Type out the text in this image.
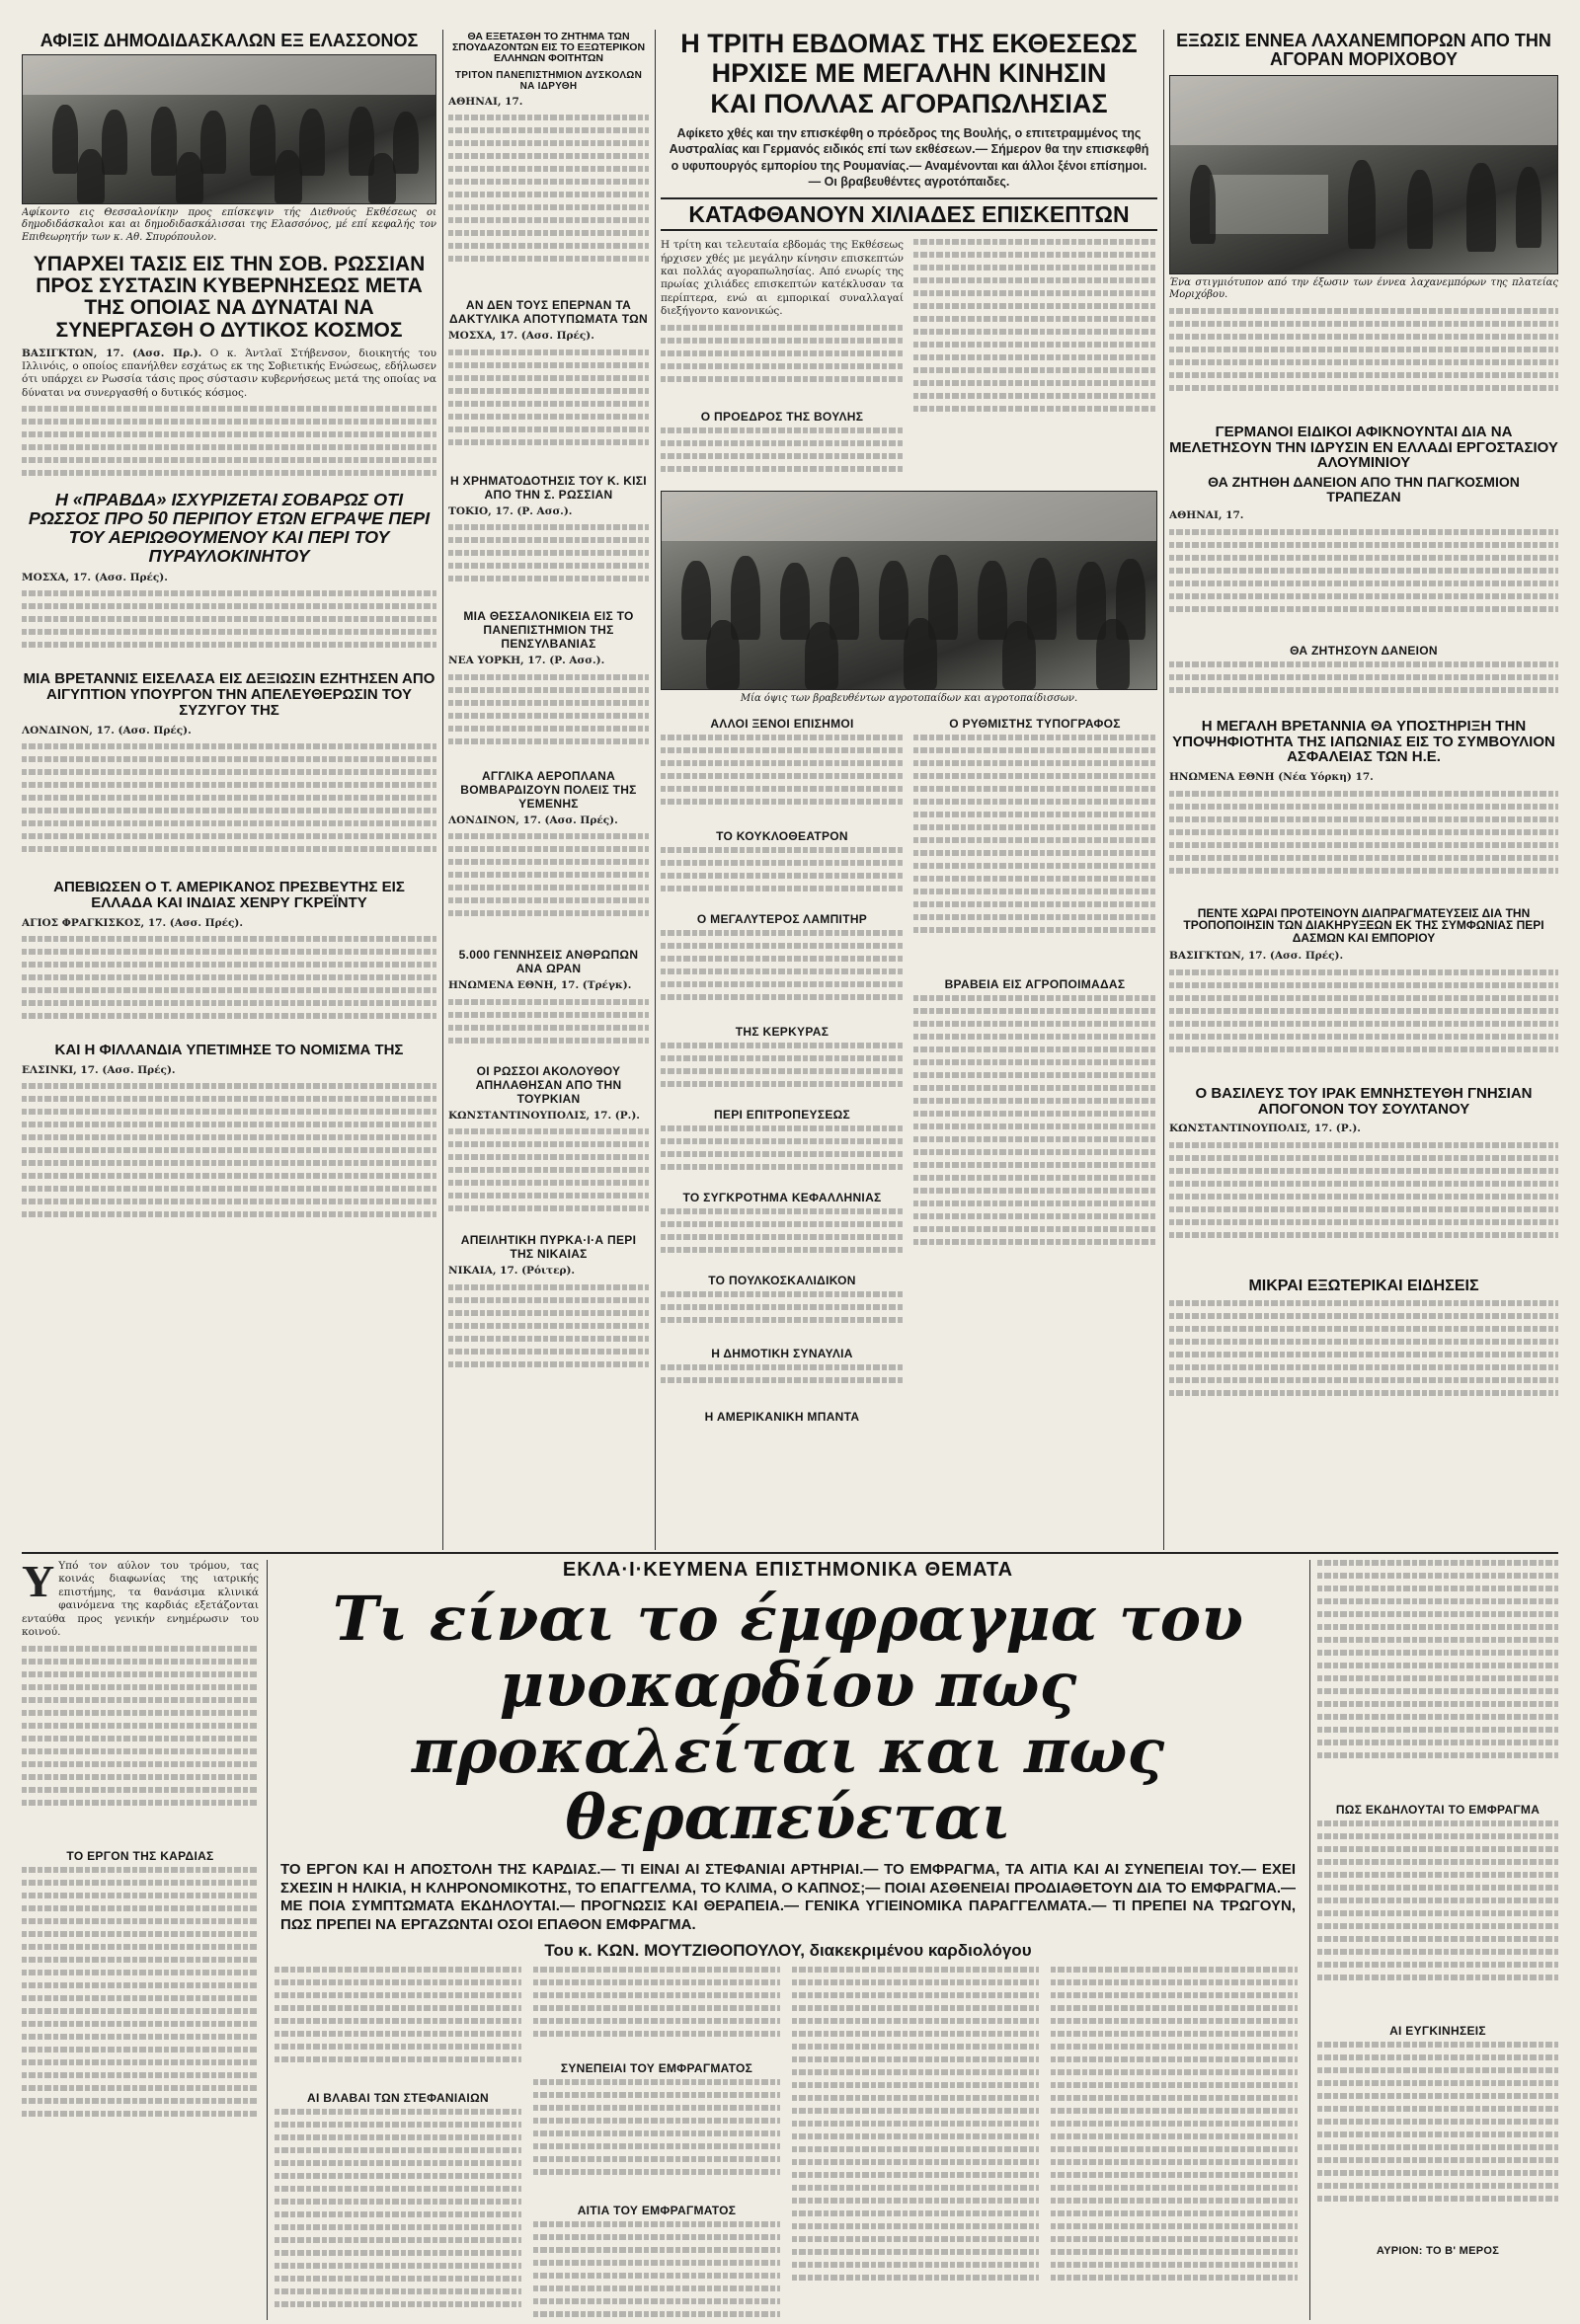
ΑΦΙΞΙΣ ΔΗΜΟΔΙΔΑΣΚΑΛΩΝ ΕΞ ΕΛΑΣΣΟΝΟΣ

Αφίκοντο εις Θεσσαλονίκην προς επίσκεψιν τής Διεθνούς Εκθέσεως οι δημοδιδάσκαλοι και αι δημοδιδασκάλισσαι της Ελασσόνος, μέ επί κεφαλής τον Επιθεωρητήν των κ. Αθ. Σπυρόπουλον.

ΥΠΑΡΧΕΙ ΤΑΣΙΣ ΕΙΣ ΤΗΝ ΣΟΒ. ΡΩΣΣΙΑΝ ΠΡΟΣ ΣΥΣΤΑΣΙΝ ΚΥΒΕΡΝΗΣΕΩΣ ΜΕΤΑ ΤΗΣ ΟΠΟΙΑΣ ΝΑ ΔΥΝΑΤΑΙ ΝΑ ΣΥΝΕΡΓΑΣΘΗ Ο ΔΥΤΙΚΟΣ ΚΟΣΜΟΣ

ΒΑΣΙΓΚΤΩΝ, 17. (Ασσ. Πρ.). Ο κ. Άντλαϊ Στήβενσον, διοικητής του Ιλλινόις, ο οποίος επανήλθεν εσχάτως εκ της Σοβιετικής Ενώσεως, εδήλωσεν ότι υπάρχει εν Ρωσσία τάσις προς σύστασιν κυβερνήσεως μετά της οποίας να δύναται να συνεργασθή ο δυτικός κόσμος.

Η «ΠΡΑΒΔΑ» ΙΣΧΥΡΙΖΕΤΑΙ ΣΟΒΑΡΩΣ ΟΤΙ ΡΩΣΣΟΣ ΠΡΟ 50 ΠΕΡΙΠΟΥ ΕΤΩΝ ΕΓΡΑΨΕ ΠΕΡΙ ΤΟΥ ΑΕΡΙΩΘΟΥΜΕΝΟΥ ΚΑΙ ΠΕΡΙ ΤΟΥ ΠΥΡΑΥΛΟΚΙΝΗΤΟΥ

ΜΟΣΧΑ, 17. (Ασσ. Πρές).

ΜΙΑ ΒΡΕΤΑΝΝΙΣ ΕΙΣΕΛΑΣΑ ΕΙΣ ΔΕΞΙΩΣΙΝ ΕΖΗΤΗΣΕΝ ΑΠΟ ΑΙΓΥΠΤΙΟΝ ΥΠΟΥΡΓΟΝ ΤΗΝ ΑΠΕΛΕΥΘΕΡΩΣΙΝ ΤΟΥ ΣΥΖΥΓΟΥ ΤΗΣ

ΛΟΝΔΙΝΟΝ, 17. (Ασσ. Πρές).

ΑΠΕΒΙΩΣΕΝ Ο Τ. ΑΜΕΡΙΚΑΝΟΣ ΠΡΕΣΒΕΥΤΗΣ ΕΙΣ ΕΛΛΑΔΑ ΚΑΙ ΙΝΔΙΑΣ ΧΕΝΡΥ ΓΚΡΕΪΝΤΥ

ΑΓΙΟΣ ΦΡΑΓΚΙΣΚΟΣ, 17. (Ασσ. Πρές).

ΚΑΙ Η ΦΙΛΛΑΝΔΙΑ ΥΠΕΤΙΜΗΣΕ ΤΟ ΝΟΜΙΣΜΑ ΤΗΣ

ΕΛΣΙΝΚΙ, 17. (Ασσ. Πρές).

ΘΑ ΕΞΕΤΑΣΘΗ ΤΟ ΖΗΤΗΜΑ ΤΩΝ ΣΠΟΥΔΑΖΟΝΤΩΝ ΕΙΣ ΤΟ ΕΞΩΤΕΡΙΚΟΝ ΕΛΛΗΝΩΝ ΦΟΙΤΗΤΩΝ
ΤΡΙΤΟΝ ΠΑΝΕΠΙΣΤΗΜΙΟΝ ΔΥΣΚΟΛΩΝ ΝΑ ΙΔΡΥΘΗ

ΑΘΗΝΑΙ, 17.

ΑΝ ΔΕΝ ΤΟΥΣ ΕΠΕΡΝΑΝ ΤΑ ΔΑΚΤΥΛΙΚΑ ΑΠΟΤΥΠΩΜΑΤΑ ΤΩΝ

ΜΟΣΧΑ, 17. (Ασσ. Πρές).

Η ΧΡΗΜΑΤΟΔΟΤΗΣΙΣ ΤΟΥ Κ. ΚΙΣΙ ΑΠΟ ΤΗΝ Σ. ΡΩΣΣΙΑΝ

ΤΟΚΙΟ, 17. (Ρ. Ασσ.).

ΜΙΑ ΘΕΣΣΑΛΟΝΙΚΕΙΑ ΕΙΣ ΤΟ ΠΑΝΕΠΙΣΤΗΜΙΟΝ ΤΗΣ ΠΕΝΣΥΛΒΑΝΙΑΣ

ΝΕΑ ΥΟΡΚΗ, 17. (Ρ. Ασσ.).

ΑΓΓΛΙΚΑ ΑΕΡΟΠΛΑΝΑ ΒΟΜΒΑΡΔΙΖΟΥΝ ΠΟΛΕΙΣ ΤΗΣ ΥΕΜΕΝΗΣ

ΛΟΝΔΙΝΟΝ, 17. (Ασσ. Πρές).

5.000 ΓΕΝΝΗΣΕΙΣ ΑΝΘΡΩΠΩΝ ΑΝΑ ΩΡΑΝ

ΗΝΩΜΕΝΑ ΕΘΝΗ, 17. (Τρέγκ).

ΟΙ ΡΩΣΣΟΙ ΑΚΟΛΟΥΘΟΥ ΑΠΗΛΑΘΗΣΑΝ ΑΠΟ ΤΗΝ ΤΟΥΡΚΙΑΝ

ΚΩΝΣΤΑΝΤΙΝΟΥΠΟΛΙΣ, 17. (Ρ.).

ΑΠΕΙΛΗΤΙΚΗ ΠΥΡΚΑ·Ι·Α ΠΕΡΙ ΤΗΣ ΝΙΚΑΙΑΣ

ΝΙΚΑΙΑ, 17. (Ρόιτερ).

Η ΤΡΙΤΗ ΕΒΔΟΜΑΣ ΤΗΣ ΕΚΘΕΣΕΩΣ
ΗΡΧΙΣΕ ΜΕ ΜΕΓΑΛΗΝ ΚΙΝΗΣΙΝ
ΚΑΙ ΠΟΛΛΑΣ ΑΓΟΡΑΠΩΛΗΣΙΑΣ

Αφίκετο χθές και την επισκέφθη ο πρόεδρος της Βουλής, ο επιτετραμμένος της Αυστραλίας και Γερμανός ειδικός επί των εκθέσεων.— Σήμερον θα την επισκεφθή ο υφυπουργός εμπορίου της Ρουμανίας.— Αναμένονται και άλλοι ξένοι επίσημοι.— Οι βραβευθέντες αγροτόπαιδες.

ΚΑΤΑΦΘΑΝΟΥΝ ΧΙΛΙΑΔΕΣ ΕΠΙΣΚΕΠΤΩΝ

Η τρίτη και τελευταία εβδομάς της Εκθέσεως ήρχισεν χθές με μεγάλην κίνησιν επισκεπτών και πολλάς αγοραπωλησίας. Από ενωρίς της πρωίας χιλιάδες επισκεπτών κατέκλυσαν τα περίπτερα, ενώ αι εμπορικαί συναλλαγαί διεξήγοντο κανονικώς.

Ο ΠΡΟΕΔΡΟΣ ΤΗΣ ΒΟΥΛΗΣ

Μία όψις των βραβευθέντων αγροτοπαίδων και αγροτοπαίδισσων.

ΑΛΛΟΙ ΞΕΝΟΙ ΕΠΙΣΗΜΟΙ
ΤΟ ΚΟΥΚΛΟΘΕΑΤΡΟΝ
Ο ΜΕΓΑΛΥΤΕΡΟΣ ΛΑΜΠΙΤΗΡ
ΤΗΣ ΚΕΡΚΥΡΑΣ
ΠΕΡΙ ΕΠΙΤΡΟΠΕΥΣΕΩΣ
ΤΟ ΣΥΓΚΡΟΤΗΜΑ ΚΕΦΑΛΛΗΝΙΑΣ
ΤΟ ΠΟΥΛΚΟΣΚΑΛΙΔΙΚΟΝ
Η ΔΗΜΟΤΙΚΗ ΣΥΝΑΥΛΙΑ
Η ΑΜΕΡΙΚΑΝΙΚΗ ΜΠΑΝΤΑ
Ο ΡΥΘΜΙΣΤΗΣ ΤΥΠΟΓΡΑΦΟΣ
ΒΡΑΒΕΙΑ ΕΙΣ ΑΓΡΟΠΟΙΜΑΔΑΣ
ΕΞΩΣΙΣ ΕΝΝΕΑ ΛΑΧΑΝΕΜΠΟΡΩΝ ΑΠΟ ΤΗΝ ΑΓΟΡΑΝ ΜΟΡΙΧΟΒΟΥ

Ένα στιγμιότυπον από την έξωσιν των έννεα λαχανεμπόρων της πλατείας Μοριχόβου.

ΓΕΡΜΑΝΟΙ ΕΙΔΙΚΟΙ ΑΦΙΚΝΟΥΝΤΑΙ ΔΙΑ ΝΑ ΜΕΛΕΤΗΣΟΥΝ ΤΗΝ ΙΔΡΥΣΙΝ ΕΝ ΕΛΛΑΔΙ ΕΡΓΟΣΤΑΣΙΟΥ ΑΛΟΥΜΙΝΙΟΥ
ΘΑ ΖΗΤΗΘΗ ΔΑΝΕΙΟΝ ΑΠΟ ΤΗΝ ΠΑΓΚΟΣΜΙΟΝ ΤΡΑΠΕΖΑΝ

ΑΘΗΝΑΙ, 17.

ΘΑ ΖΗΤΗΣΟΥΝ ΔΑΝΕΙΟΝ
Η ΜΕΓΑΛΗ ΒΡΕΤΑΝΝΙΑ ΘΑ ΥΠΟΣΤΗΡΙΞΗ ΤΗΝ ΥΠΟΨΗΦΙΟΤΗΤΑ ΤΗΣ ΙΑΠΩΝΙΑΣ ΕΙΣ ΤΟ ΣΥΜΒΟΥΛΙΟΝ ΑΣΦΑΛΕΙΑΣ ΤΩΝ Η.Ε.

ΗΝΩΜΕΝΑ ΕΘΝΗ (Νέα Υόρκη) 17.

ΠΕΝΤΕ ΧΩΡΑΙ ΠΡΟΤΕΙΝΟΥΝ ΔΙΑΠΡΑΓΜΑΤΕΥΣΕΙΣ ΔΙΑ ΤΗΝ ΤΡΟΠΟΠΟΙΗΣΙΝ ΤΩΝ ΔΙΑΚΗΡΥΞΕΩΝ ΕΚ ΤΗΣ ΣΥΜΦΩΝΙΑΣ ΠΕΡΙ ΔΑΣΜΩΝ ΚΑΙ ΕΜΠΟΡΙΟΥ

ΒΑΣΙΓΚΤΩΝ, 17. (Ασσ. Πρές).

Ο ΒΑΣΙΛΕΥΣ ΤΟΥ ΙΡΑΚ ΕΜΝΗΣΤΕΥΘΗ ΓΝΗΣΙΑΝ ΑΠΟΓΟΝΟΝ ΤΟΥ ΣΟΥΛΤΑΝΟΥ

ΚΩΝΣΤΑΝΤΙΝΟΥΠΟΛΙΣ, 17. (Ρ.).

ΜΙΚΡΑΙ ΕΞΩΤΕΡΙΚΑΙ ΕΙΔΗΣΕΙΣ

Υ Υπό τον αύλον του τρόμου, τας κοινάς διαφωνίας της ιατρικής επιστήμης, τα θανάσιμα κλινικά φαινόμενα της καρδιάς εξετάζονται ενταύθα προς γενικήν ενημέρωσιν του κοινού.

ΤΟ ΕΡΓΟΝ ΤΗΣ ΚΑΡΔΙΑΣ
ΕΚΛΑ·Ι·ΚΕΥΜΕΝΑ ΕΠΙΣΤΗΜΟΝΙΚΑ ΘΕΜΑΤΑ
Τι είναι το έμφραγμα του μυοκαρδίου πως προκαλείται και πως θεραπεύεται

ΤΟ ΕΡΓΟΝ ΚΑΙ Η ΑΠΟΣΤΟΛΗ ΤΗΣ ΚΑΡΔΙΑΣ.— ΤΙ ΕΙΝΑΙ ΑΙ ΣΤΕΦΑΝΙΑΙ ΑΡΤΗΡΙΑΙ.— ΤΟ ΕΜΦΡΑΓΜΑ, ΤΑ ΑΙΤΙΑ ΚΑΙ ΑΙ ΣΥΝΕΠΕΙΑΙ ΤΟΥ.— ΕΧΕΙ ΣΧΕΣΙΝ Η ΗΛΙΚΙΑ, Η ΚΛΗΡΟΝΟΜΙΚΟΤΗΣ, ΤΟ ΕΠΑΓΓΕΛΜΑ, ΤΟ ΚΛΙΜΑ, Ο ΚΑΠΝΟΣ;— ΠΟΙΑΙ ΑΣΘΕΝΕΙΑΙ ΠΡΟΔΙΑΘΕΤΟΥΝ ΔΙΑ ΤΟ ΕΜΦΡΑΓΜΑ.— ΜΕ ΠΟΙΑ ΣΥΜΠΤΩΜΑΤΑ ΕΚΔΗΛΟΥΤΑΙ.— ΠΡΟΓΝΩΣΙΣ ΚΑΙ ΘΕΡΑΠΕΙΑ.— ΓΕΝΙΚΑ ΥΓΙΕΙΝΟΜΙΚΑ ΠΑΡΑΓΓΕΛΜΑΤΑ.— ΤΙ ΠΡΕΠΕΙ ΝΑ ΤΡΩΓΟΥΝ, ΠΩΣ ΠΡΕΠΕΙ ΝΑ ΕΡΓΑΖΩΝΤΑΙ ΟΣΟΙ ΕΠΑΘΟΝ ΕΜΦΡΑΓΜΑ.

Του κ. ΚΩΝ. ΜΟΥΤΖΙΘΟΠΟΥΛΟΥ, διακεκριμένου καρδιολόγου
ΑΙ ΒΛΑΒΑΙ ΤΩΝ ΣΤΕΦΑΝΙΑΙΩΝ
ΣΥΝΕΠΕΙΑΙ ΤΟΥ ΕΜΦΡΑΓΜΑΤΟΣ
ΑΙΤΙΑ ΤΟΥ ΕΜΦΡΑΓΜΑΤΟΣ
ΠΩΣ ΕΚΔΗΛΟΥΤΑΙ ΤΟ ΕΜΦΡΑΓΜΑ
ΑΙ ΕΥΓΚΙΝΗΣΕΙΣ
ΑΥΡΙΟΝ: ΤΟ Β' ΜΕΡΟΣ
